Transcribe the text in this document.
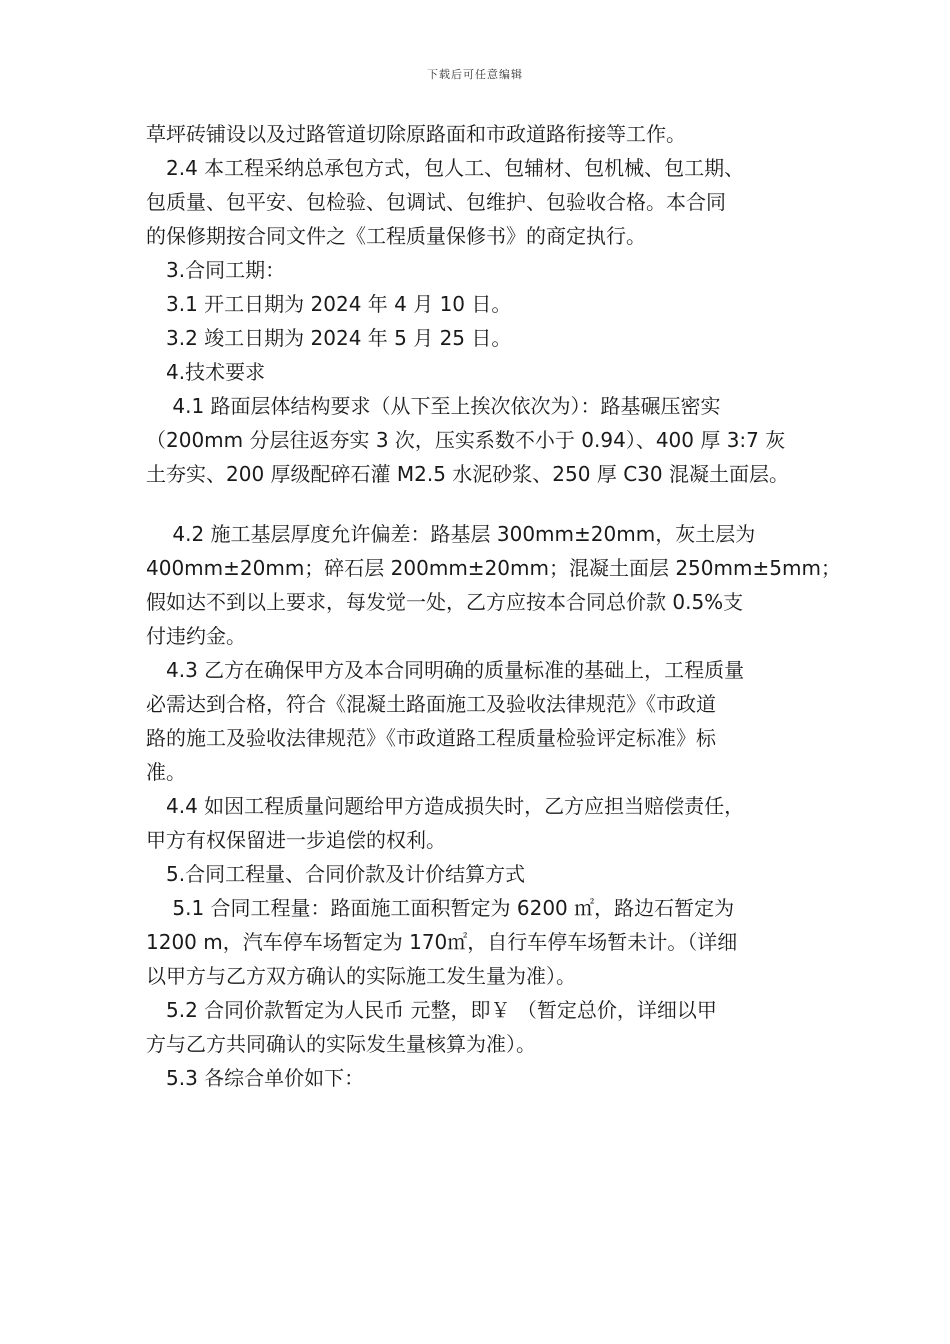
下载后可任意编辑
草坪砖铺设以及过路管道切除原路面和市政道路衔接等工作。
　2.4 本工程采纳总承包方式，包人工、包辅材、包机械、包工期、
包质量、包平安、包检验、包调试、包维护、包验收合格。本合同
的保修期按合同文件之《工程质量保修书》的商定执行。
　3.合同工期：
　3.1 开工日期为 2024 年 4 月 10 日。
　3.2 竣工日期为 2024 年 5 月 25 日。
　4.技术要求
　 4.1 路面层体结构要求（从下至上挨次依次为）：路基碾压密实
（200mm 分层往返夯实 3 次，压实系数不小于 0.94）、400 厚 3:7 灰
土夯实、200 厚级配碎石灌 M2.5 水泥砂浆、250 厚 C30 混凝土面层。
　 4.2 施工基层厚度允许偏差：路基层 300mm±20mm，灰土层为
400mm±20mm；碎石层 200mm±20mm；混凝土面层 250mm±5mm；
假如达不到以上要求，每发觉一处，乙方应按本合同总价款 0.5%支
付违约金。
　4.3 乙方在确保甲方及本合同明确的质量标准的基础上，工程质量
必需达到合格，符合《混凝土路面施工及验收法律规范》《市政道
路的施工及验收法律规范》《市政道路工程质量检验评定标准》标
准。
　4.4 如因工程质量问题给甲方造成损失时，乙方应担当赔偿责任，
甲方有权保留进一步追偿的权利。
　5.合同工程量、合同价款及计价结算方式
　 5.1 合同工程量：路面施工面积暂定为 6200 ㎡，路边石暂定为
1200 m，汽车停车场暂定为 170㎡，自行车停车场暂未计。（详细
以甲方与乙方双方确认的实际施工发生量为准）。
　5.2 合同价款暂定为人民币 元整，即￥ （暂定总价，详细以甲
方与乙方共同确认的实际发生量核算为准）。
　5.3 各综合单价如下：
